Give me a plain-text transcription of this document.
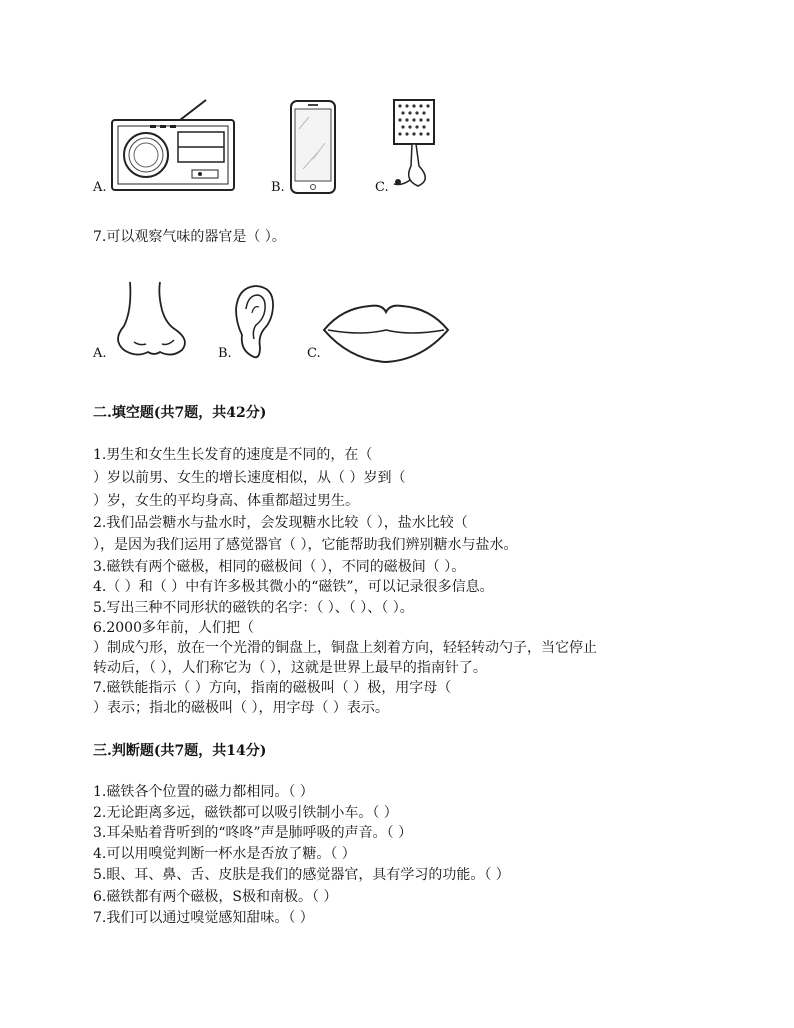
A.	B.	C.
7.可以观察气味的器官是（ ）。
A.	B.	C.
二.填空题(共7题，共42分)
1.男生和女生生长发育的速度是不同的，在（
）岁以前男、女生的增长速度相似，从（ ）岁到（
）岁，女生的平均身高、体重都超过男生。
2.我们品尝糖水与盐水时，会发现糖水比较（ ），盐水比较（
），是因为我们运用了感觉器官（ ），它能帮助我们辨别糖水与盐水。
3.磁铁有两个磁极，相同的磁极间（ ），不同的磁极间（ ）。
4.（ ）和（ ）中有许多极其微小的“磁铁”，可以记录很多信息。
5.写出三种不同形状的磁铁的名字：（ ）、（ ）、（ ）。
6.2000多年前，人们把（
）制成勺形，放在一个光滑的铜盘上，铜盘上刻着方向，轻轻转动勺子，当它停止
转动后，（ ），人们称它为（ ），这就是世界上最早的指南针了。
7.磁铁能指示（ ）方向，指南的磁极叫（ ）极，用字母（
）表示；指北的磁极叫（ ），用字母（ ）表示。
三.判断题(共7题，共14分)
1.磁铁各个位置的磁力都相同。（ ）
2.无论距离多远，磁铁都可以吸引铁制小车。（ ）
3.耳朵贴着背听到的“咚咚”声是肺呼吸的声音。（ ）
4.可以用嗅觉判断一杯水是否放了糖。（ ）
5.眼、耳、鼻、舌、皮肤是我们的感觉器官，具有学习的功能。（ ）
6.磁铁都有两个磁极，S极和南极。（ ）
7.我们可以通过嗅觉感知甜味。（ ）
